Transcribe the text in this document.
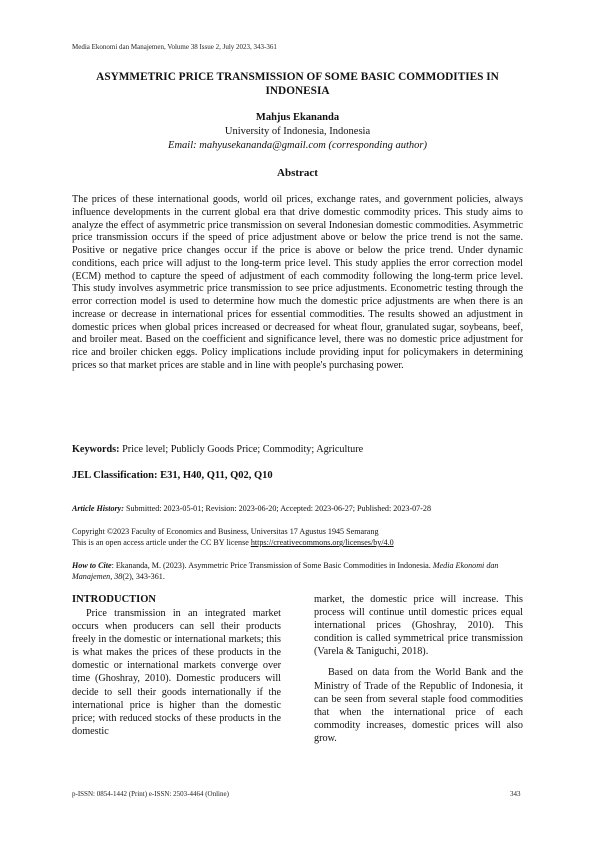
Media Ekonomi dan Manajemen, Volume 38 Issue 2, July 2023, 343-361
ASYMMETRIC PRICE TRANSMISSION OF SOME BASIC COMMODITIES IN INDONESIA
Mahjus Ekananda
University of Indonesia, Indonesia
Email: mahyusekananda@gmail.com (corresponding author)
Abstract

The prices of these international goods, world oil prices, exchange rates, and government policies, always influence developments in the current global era that drive domestic commodity prices. This study aims to analyze the effect of asymmetric price transmission on several Indonesian domestic commodities. Asymmetric price transmission occurs if the speed of price adjustment above or below the price trend is not the same. Positive or negative price changes occur if the price is above or below the price trend. Under dynamic conditions, each price will adjust to the long-term price level. This study applies the error correction model (ECM) method to capture the speed of adjustment of each commodity following the long-term price level. This study involves asymmetric price transmission to see price adjustments. Econometric testing through the error correction model is used to determine how much the domestic price adjustments are when there is an increase or decrease in international prices for essential commodities. The results showed an adjustment in domestic prices when global prices increased or decreased for wheat flour, granulated sugar, soybeans, beef, and broiler meat. Based on the coefficient and significance level, there was no domestic price adjustment for rice and broiler chicken eggs. Policy implications include providing input for policymakers in determining prices so that market prices are stable and in line with people's purchasing power.

Keywords: Price level; Publicly Goods Price; Commodity; Agriculture
JEL Classification: E31, H40, Q11, Q02, Q10
Article History: Submitted: 2023-05-01; Revision: 2023-06-20; Accepted: 2023-06-27; Published: 2023-07-28
Copyright ©2023 Faculty of Economics and Business, Universitas 17 Agustus 1945 Semarang
This is an open access article under the CC BY license https://creativecommons.org/licenses/by/4.0
How to Cite: Ekananda, M. (2023). Asymmetric Price Transmission of Some Basic Commodities in Indonesia. Media Ekonomi dan Manajemen, 38(2), 343-361.
INTRODUCTION

Price transmission in an integrated market occurs when producers can sell their products freely in the domestic or international markets; this is what makes the prices of these products in the domestic or international markets converge over time (Ghoshray, 2010). Domestic producers will decide to sell their goods internationally if the international price is higher than the domestic price; with reduced stocks of these products in the domestic

market, the domestic price will increase. This process will continue until domestic prices equal international prices (Ghoshray, 2010). This condition is called symmetrical price transmission (Varela & Taniguchi, 2018).

Based on data from the World Bank and the Ministry of Trade of the Republic of Indonesia, it can be seen from several staple food commodities that when the international price of each commodity increases, domestic prices will also grow.

p-ISSN: 0854-1442 (Print) e-ISSN: 2503-4464 (Online)	343
